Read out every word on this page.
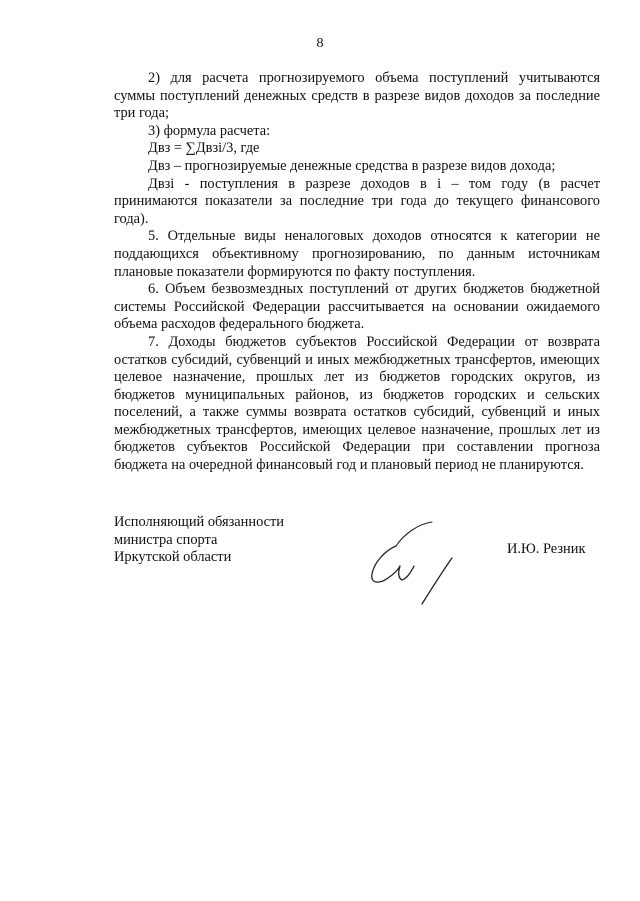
8

2) для расчета прогнозируемого объема поступлений учитываются суммы поступлений денежных средств в разрезе видов доходов за последние три года;

3) формула расчета:

Двз = ∑Двзі/3, где

Двз – прогнозируемые денежные средства в разрезе видов дохода;

Двзі - поступления в разрезе доходов в і – том году (в расчет принимаются показатели за последние три года до текущего финансового года).

5. Отдельные виды неналоговых доходов относятся к категории не поддающихся объективному прогнозированию, по данным источникам плановые показатели формируются по факту поступления.

6. Объем безвозмездных поступлений от других бюджетов бюджетной системы Российской Федерации рассчитывается на основании ожидаемого объема расходов федерального бюджета.

7. Доходы бюджетов субъектов Российской Федерации от возврата остатков субсидий, субвенций и иных межбюджетных трансфертов, имеющих целевое назначение, прошлых лет из бюджетов городских округов, из бюджетов муниципальных районов, из бюджетов городских и сельских поселений, а также суммы возврата остатков субсидий, субвенций и иных межбюджетных трансфертов, имеющих целевое назначение, прошлых лет из бюджетов субъектов Российской Федерации при составлении прогноза бюджета на очередной финансовый год и плановый период не планируются.

Исполняющий обязанности
министра спорта
Иркутской области
И.Ю. Резник
